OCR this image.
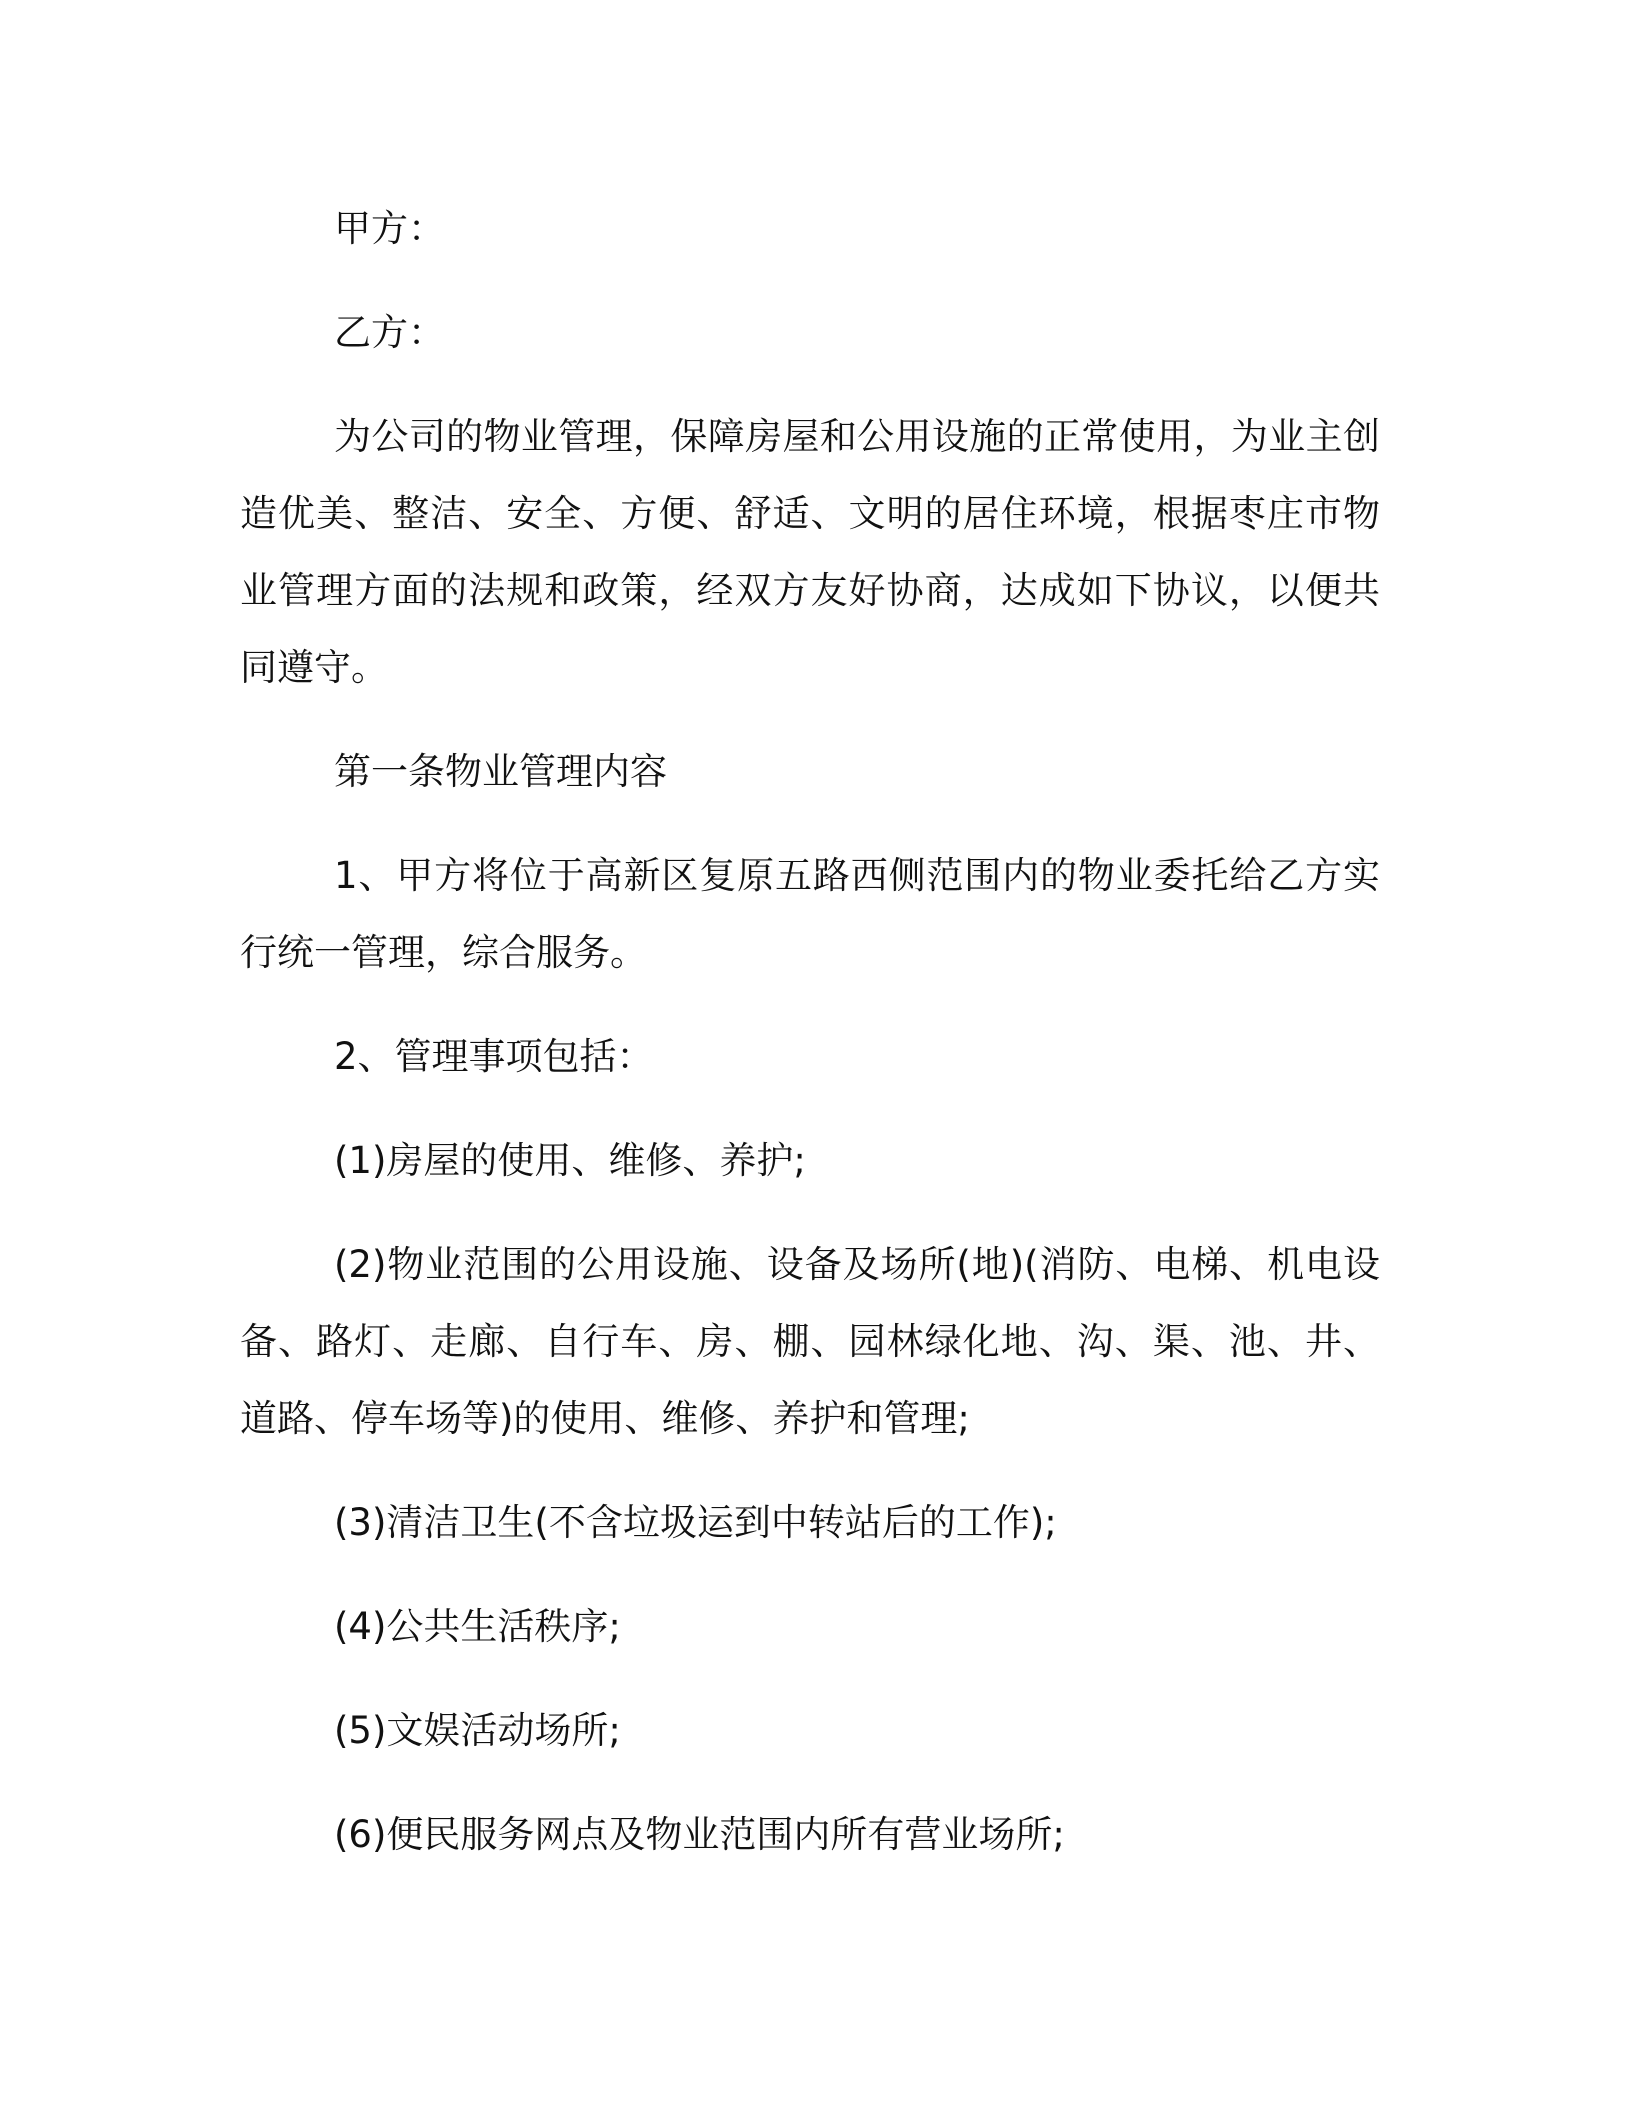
甲方：

乙方：

为公司的物业管理，保障房屋和公用设施的正常使用，为业主创造优美、整洁、安全、方便、舒适、文明的居住环境，根据枣庄市物业管理方面的法规和政策，经双方友好协商，达成如下协议，以便共同遵守。

第一条物业管理内容

1、甲方将位于高新区复原五路西侧范围内的物业委托给乙方实行统一管理，综合服务。

2、管理事项包括：

(1)房屋的使用、维修、养护;

(2)物业范围的公用设施、设备及场所(地)(消防、电梯、机电设备、路灯、走廊、自行车、房、棚、园林绿化地、沟、渠、池、井、道路、停车场等)的使用、维修、养护和管理;

(3)清洁卫生(不含垃圾运到中转站后的工作);

(4)公共生活秩序;

(5)文娱活动场所;

(6)便民服务网点及物业范围内所有营业场所;
